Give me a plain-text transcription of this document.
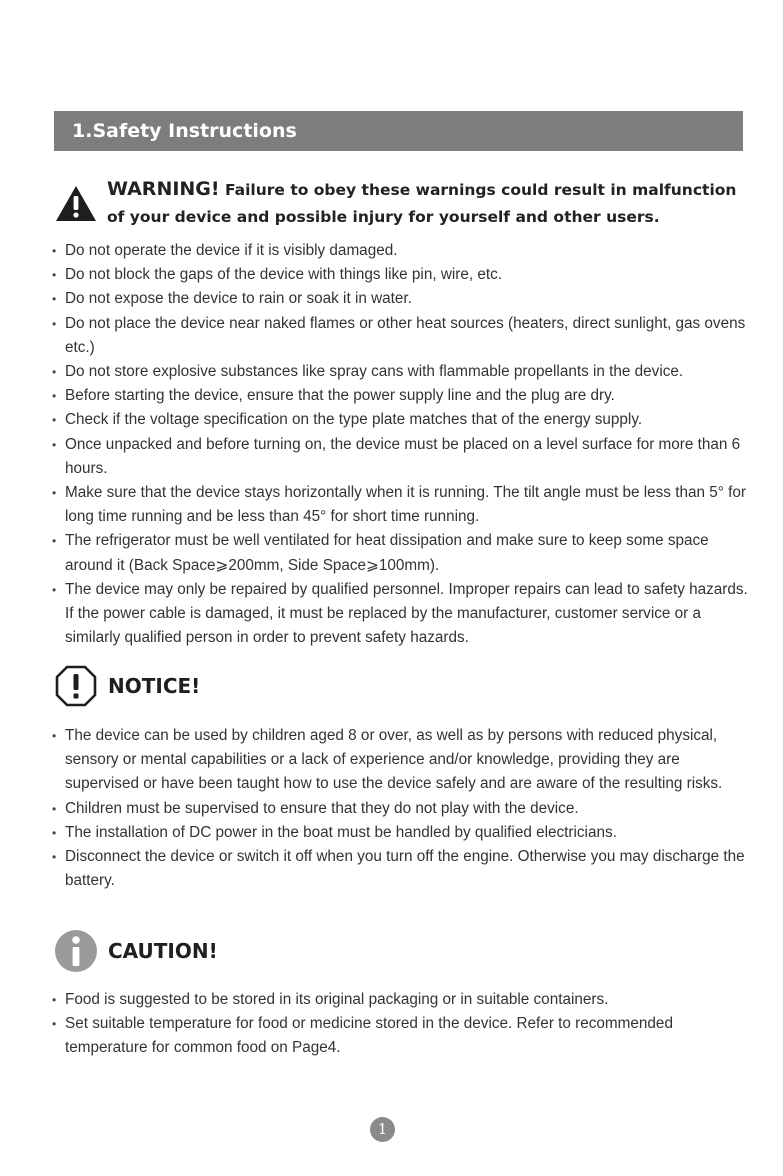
1.Safety Instructions
WARNING! Failure to obey these warnings could result in malfunction of your device and possible injury for yourself and other users.
• Do not operate the device if it is visibly damaged.
• Do not block the gaps of the device with things like pin, wire, etc.
• Do not expose the device to rain or soak it in water.
• Do not place the device near naked flames or other heat sources (heaters, direct sunlight, gas ovens etc.)
• Do not store explosive substances like spray cans with flammable propellants in the device.
• Before starting the device, ensure that the power supply line and the plug are dry.
• Check if the voltage specification on the type plate matches that of the energy supply.
• Once unpacked and before turning on, the device must be placed on a level surface for more than 6 hours.
• Make sure that the device stays horizontally when it is running. The tilt angle must be less than 5° for long time running and be less than 45° for short time running.
• The refrigerator must be well ventilated for heat dissipation and make sure to keep some space around it (Back Space⩾200mm, Side Space⩾100mm).
• The device may only be repaired by qualified personnel. Improper repairs can lead to safety hazards. If the power cable is damaged, it must be replaced by the manufacturer, customer service or a similarly qualified person in order to prevent safety hazards.
NOTICE!
• The device can be used by children aged 8 or over, as well as by persons with reduced physical, sensory or mental capabilities or a lack of experience and/or knowledge, providing they are supervised or have been taught how to use the device safely and are aware of the resulting risks.
• Children must be supervised to ensure that they do not play with the device.
• The installation of DC power in the boat must be handled by qualified electricians.
• Disconnect the device or switch it off when you turn off the engine. Otherwise you may discharge the battery.
CAUTION!
• Food is suggested to be stored in its original packaging or in suitable containers.
• Set suitable temperature for food or medicine stored in the device. Refer to recommended temperature for common food on Page4.
1
